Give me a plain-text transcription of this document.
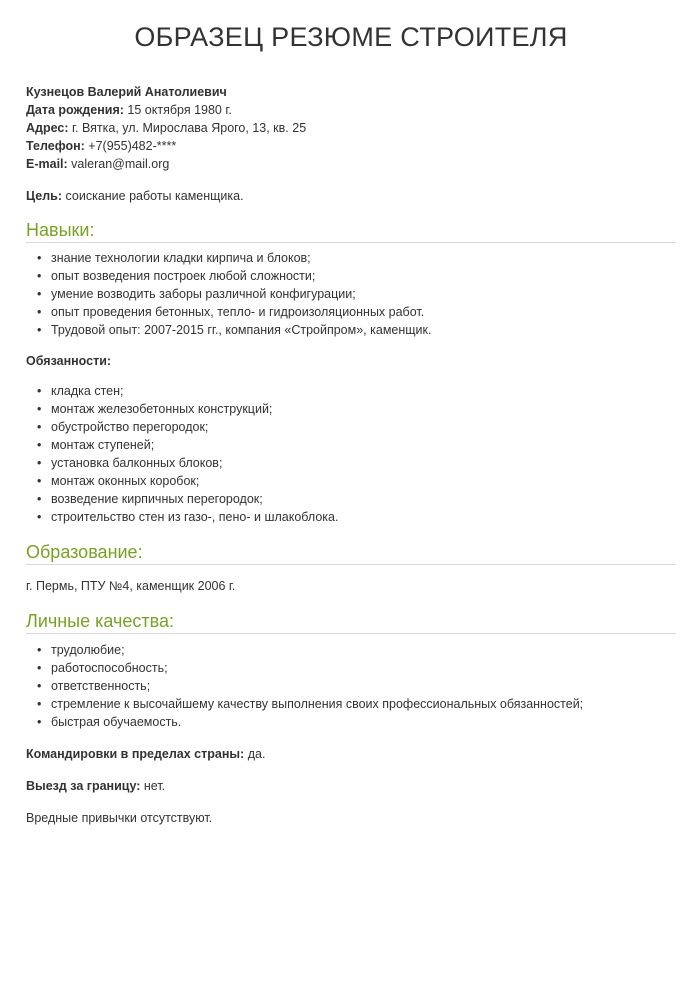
ОБРАЗЕЦ РЕЗЮМЕ СТРОИТЕЛЯ
Кузнецов Валерий Анатолиевич
Дата рождения: 15 октября 1980 г.
Адрес: г. Вятка, ул. Мирослава Ярого, 13, кв. 25
Телефон: +7(955)482-****
E-mail: valeran@mail.org
Цель: соискание работы каменщика.
Навыки:
• знание технологии кладки кирпича и блоков;
• опыт возведения построек любой сложности;
• умение возводить заборы различной конфигурации;
• опыт проведения бетонных, тепло- и гидроизоляционных работ.
• Трудовой опыт: 2007-2015 гг., компания «Стройпром», каменщик.
Обязанности:
• кладка стен;
• монтаж железобетонных конструкций;
• обустройство перегородок;
• монтаж ступеней;
• установка балконных блоков;
• монтаж оконных коробок;
• возведение кирпичных перегородок;
• строительство стен из газо-, пено- и шлакоблока.
Образование:
г. Пермь, ПТУ №4, каменщик 2006 г.
Личные качества:
• трудолюбие;
• работоспособность;
• ответственность;
• стремление к высочайшему качеству выполнения своих профессиональных обязанностей;
• быстрая обучаемость.
Командировки в пределах страны: да.
Выезд за границу: нет.
Вредные привычки отсутствуют.
